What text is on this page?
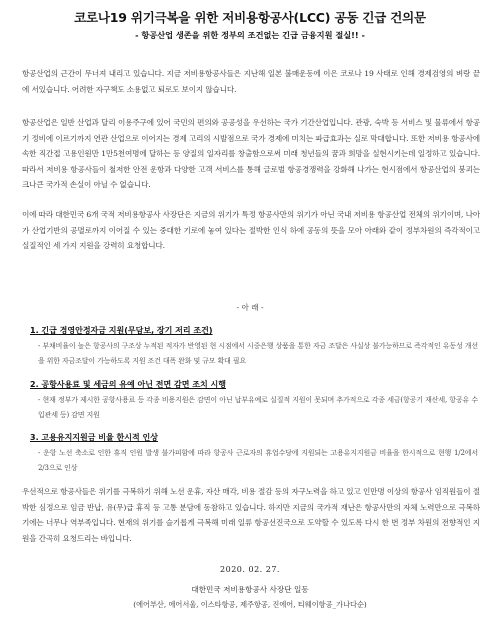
코로나19 위기극복을 위한 저비용항공사(LCC) 공동 긴급 건의문
- 항공산업 생존을 위한 정부의 조건없는 긴급 금융지원 절실!! -
항공산업의 근간이 무너져 내리고 있습니다. 지금 저비용항공사들은 지난해 일본 불매운동에 이은 코로나 19 사태로 인해 경제검영의 벼랑 끝에 서있습니다. 어려한 자구책도 소용없고 퇴로도 보이지 않습니다.
항공산업은 일반 산업과 달리 이용주구에 있어 국민의 편의와 공공성을 우선하는 국가 기간산업입니다. 관광, 숙박 등 서비스 및 물류에서 항공기 정비에 이르기까지 연관 산업으로 이어지는 경제 고리의 시발점으로 국가 경제에 미치는 파급효과는 실로 막대합니다. 또한 저비용 항공사에 속한 직간접 고용인원만 1만5천여명에 달하는 등 양질의 일자리를 창출함으로써 미래 청년들의 꿈과 희망을 실현시키는데 일정하고 있습니다. 따라서 저비용 항공사들이 철저한 안전 운항과 다양한 고객 서비스를 통해 글로벌 항공경쟁력을 강화해 나가는 현시점에서 항공산업의 붕괴는 크나큰 국가적 손실이 아닐 수 없습니다.
이에 따라 대한민국 6개 국적 저비용항공사 사장단은 지금의 위기가 특정 항공사만의 위기가 아닌 국내 저비용 항공산업 전체의 위기이며, 나아가 산업기반의 공멸로까지 이어질 수 있는 중대한 기로에 놓여 있다는 절박한 인식 하에 공동의 뜻을 모아 아래와 같이 정부차원의 즉각적이고 실질적인 세 가지 지원을 강력히 요청합니다.
- 아 래 -
1. 긴급 경영안정자금 지원(무담보, 장기 저리 조건)
- 부채비율이 높은 항공사의 구조상 누적된 적자가 반영된 현 시점에서 시중은행 상품을 통한 자금 조달은 사실상 불가능하므로 즉각적인 유동성 개선을 위한 자금조달이 가능하도록 지원 조건 대폭 완화 및 규모 확대 필요
2. 공항사용료 및 세금의 유예 아닌 전면 감면 조치 시행
- 현재 정부가 제시한 공항사용료 등 각종 비용지원은 감면이 아닌 납부유예로 실질적 지원이 못되며 추가적으로 각종 세금(항공기 재산세, 항공유 수입관세 등) 감면 지원
3. 고용유지지원금 비율 한시적 인상
- 운항 노선 축소로 인한 휴직 인원 발생 불가피함에 따라 항공사 근로자의 휴업수당에 지원되는 고용유지지원금 비율을 한시적으로 현행 1/2에서 2/3으로 인상
우선적으로 항공사들은 위기를 극복하기 위해 노선 운휴, 자산 매각, 비용 절감 등의 자구노력을 하고 있고 인만명 이상의 항공사 임직원들이 절박한 심정으로 임금 반납, 유(무)급 휴직 등 고통 분담에 동참하고 있습니다. 하지만 지금의 국가적 재난은 항공사만의 자체 노력만으로 극복하기에는 너무나 역부족입니다. 현재의 위기를 슬기롭게 극복해 미래 일류 항공선진국으로 도약할 수 있도록 다시 한 번 정부 차원의 전향적인 지원을 간곡히 요청드리는 바입니다.
2020. 02. 27.
대한민국 저비용항공사 사장단 일동
(에어부산, 에어서울, 이스타항공, 제주항공, 진에어, 티웨이항공_가나다순)
